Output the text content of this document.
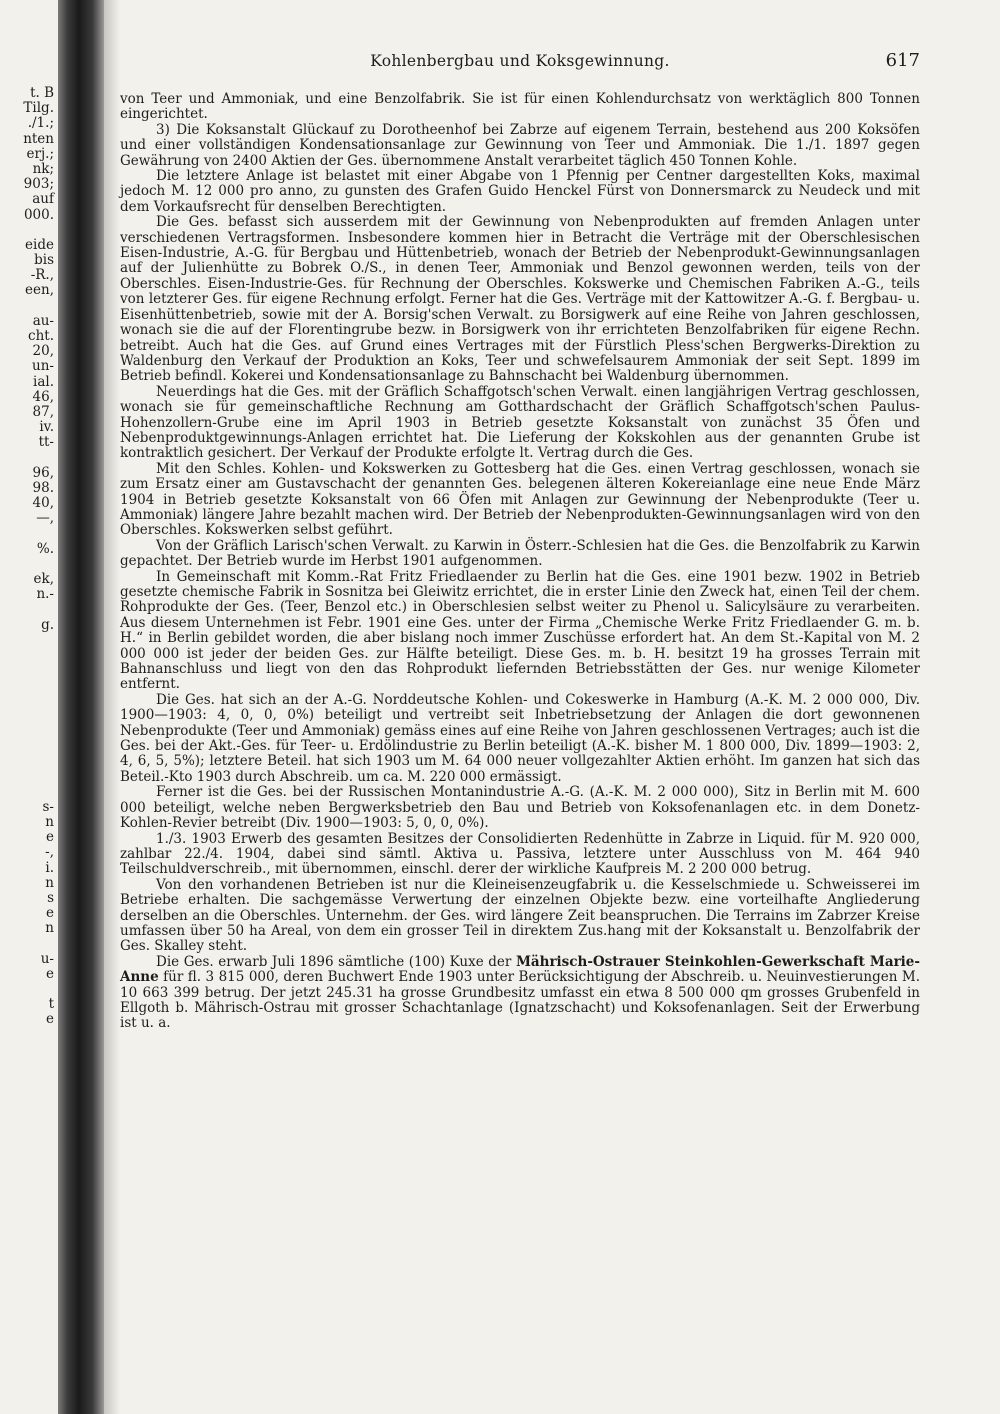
t. B
Tilg.
./1.;
nten
erj.;
nk;
903;
auf
000.
eide
bis
-R.,
een,
au-
cht.
20,
un-
ial.
46,
87,
iv.
tt-
96,
98.
40,
—,
%.
ek,
n.-
g.
s-
n
e
-,
i.
n
s
e
n
u-
e
t
e
Kohlenbergbau und Koksgewinnung.	617

von Teer und Ammoniak, und eine Benzolfabrik. Sie ist für einen Kohlendurchsatz von werktäglich 800 Tonnen eingerichtet.

3) Die Koksanstalt Glückauf zu Dorotheenhof bei Zabrze auf eigenem Terrain, bestehend aus 200 Koksöfen und einer vollständigen Kondensationsanlage zur Gewinnung von Teer und Ammoniak. Die 1./1. 1897 gegen Gewährung von 2400 Aktien der Ges. übernommene Anstalt verarbeitet täglich 450 Tonnen Kohle.

Die letztere Anlage ist belastet mit einer Abgabe von 1 Pfennig per Centner dargestellten Koks, maximal jedoch M. 12 000 pro anno, zu gunsten des Grafen Guido Henckel Fürst von Donnersmarck zu Neudeck und mit dem Vorkaufsrecht für denselben Berechtigten.

Die Ges. befasst sich ausserdem mit der Gewinnung von Nebenprodukten auf fremden Anlagen unter verschiedenen Vertragsformen. Insbesondere kommen hier in Betracht die Verträge mit der Oberschlesischen Eisen-Industrie, A.-G. für Bergbau und Hüttenbetrieb, wonach der Betrieb der Nebenprodukt-Gewinnungsanlagen auf der Julienhütte zu Bobrek O./S., in denen Teer, Ammoniak und Benzol gewonnen werden, teils von der Oberschles. Eisen-Industrie-Ges. für Rechnung der Oberschles. Kokswerke und Chemischen Fabriken A.-G., teils von letzterer Ges. für eigene Rechnung erfolgt. Ferner hat die Ges. Verträge mit der Kattowitzer A.-G. f. Bergbau- u. Eisenhüttenbetrieb, sowie mit der A. Borsig'schen Verwalt. zu Borsigwerk auf eine Reihe von Jahren geschlossen, wonach sie die auf der Florentingrube bezw. in Borsigwerk von ihr errichteten Benzolfabriken für eigene Rechn. betreibt. Auch hat die Ges. auf Grund eines Vertrages mit der Fürstlich Pless'schen Bergwerks-Direktion zu Waldenburg den Verkauf der Produktion an Koks, Teer und schwefelsaurem Ammoniak der seit Sept. 1899 im Betrieb befindl. Kokerei und Kondensationsanlage zu Bahnschacht bei Waldenburg übernommen.

Neuerdings hat die Ges. mit der Gräflich Schaffgotsch'schen Verwalt. einen langjährigen Vertrag geschlossen, wonach sie für gemeinschaftliche Rechnung am Gotthardschacht der Gräflich Schaffgotsch'schen Paulus-Hohenzollern-Grube eine im April 1903 in Betrieb gesetzte Koksanstalt von zunächst 35 Öfen und Nebenproduktgewinnungs-Anlagen errichtet hat. Die Lieferung der Kokskohlen aus der genannten Grube ist kontraktlich gesichert. Der Verkauf der Produkte erfolgte lt. Vertrag durch die Ges.

Mit den Schles. Kohlen- und Kokswerken zu Gottesberg hat die Ges. einen Vertrag geschlossen, wonach sie zum Ersatz einer am Gustavschacht der genannten Ges. belegenen älteren Kokereianlage eine neue Ende März 1904 in Betrieb gesetzte Koksanstalt von 66 Öfen mit Anlagen zur Gewinnung der Nebenprodukte (Teer u. Ammoniak) längere Jahre bezahlt machen wird. Der Betrieb der Nebenprodukten-Gewinnungsanlagen wird von den Oberschles. Kokswerken selbst geführt.

Von der Gräflich Larisch'schen Verwalt. zu Karwin in Österr.-Schlesien hat die Ges. die Benzolfabrik zu Karwin gepachtet. Der Betrieb wurde im Herbst 1901 aufgenommen.

In Gemeinschaft mit Komm.-Rat Fritz Friedlaender zu Berlin hat die Ges. eine 1901 bezw. 1902 in Betrieb gesetzte chemische Fabrik in Sosnitza bei Gleiwitz errichtet, die in erster Linie den Zweck hat, einen Teil der chem. Rohprodukte der Ges. (Teer, Benzol etc.) in Oberschlesien selbst weiter zu Phenol u. Salicylsäure zu verarbeiten. Aus diesem Unternehmen ist Febr. 1901 eine Ges. unter der Firma „Chemische Werke Fritz Friedlaender G. m. b. H.“ in Berlin gebildet worden, die aber bislang noch immer Zuschüsse erfordert hat. An dem St.-Kapital von M. 2 000 000 ist jeder der beiden Ges. zur Hälfte beteiligt. Diese Ges. m. b. H. besitzt 19 ha grosses Terrain mit Bahnanschluss und liegt von den das Rohprodukt liefernden Betriebsstätten der Ges. nur wenige Kilometer entfernt.

Die Ges. hat sich an der A.-G. Norddeutsche Kohlen- und Cokeswerke in Hamburg (A.-K. M. 2 000 000, Div. 1900—1903: 4, 0, 0, 0%) beteiligt und vertreibt seit Inbetriebsetzung der Anlagen die dort gewonnenen Nebenprodukte (Teer und Ammoniak) gemäss eines auf eine Reihe von Jahren geschlossenen Vertrages; auch ist die Ges. bei der Akt.-Ges. für Teer- u. Erdölindustrie zu Berlin beteiligt (A.-K. bisher M. 1 800 000, Div. 1899—1903: 2, 4, 6, 5, 5%); letztere Beteil. hat sich 1903 um M. 64 000 neuer vollgezahlter Aktien erhöht. Im ganzen hat sich das Beteil.-Kto 1903 durch Abschreib. um ca. M. 220 000 ermässigt.

Ferner ist die Ges. bei der Russischen Montanindustrie A.-G. (A.-K. M. 2 000 000), Sitz in Berlin mit M. 600 000 beteiligt, welche neben Bergwerksbetrieb den Bau und Betrieb von Koksofenanlagen etc. in dem Donetz-Kohlen-Revier betreibt (Div. 1900—1903: 5, 0, 0, 0%).

1./3. 1903 Erwerb des gesamten Besitzes der Consolidierten Redenhütte in Zabrze in Liquid. für M. 920 000, zahlbar 22./4. 1904, dabei sind sämtl. Aktiva u. Passiva, letztere unter Ausschluss von M. 464 940 Teilschuldverschreib., mit übernommen, einschl. derer der wirkliche Kaufpreis M. 2 200 000 betrug.

Von den vorhandenen Betrieben ist nur die Kleineisenzeugfabrik u. die Kesselschmiede u. Schweisserei im Betriebe erhalten. Die sachgemässe Verwertung der einzelnen Objekte bezw. eine vorteilhafte Angliederung derselben an die Oberschles. Unternehm. der Ges. wird längere Zeit beanspruchen. Die Terrains im Zabrzer Kreise umfassen über 50 ha Areal, von dem ein grosser Teil in direktem Zus.hang mit der Koksanstalt u. Benzolfabrik der Ges. Skalley steht.

Die Ges. erwarb Juli 1896 sämtliche (100) Kuxe der Mährisch-Ostrauer Steinkohlen-Gewerkschaft Marie-Anne für fl. 3 815 000, deren Buchwert Ende 1903 unter Berücksichtigung der Abschreib. u. Neuinvestierungen M. 10 663 399 betrug. Der jetzt 245.31 ha grosse Grundbesitz umfasst ein etwa 8 500 000 qm grosses Grubenfeld in Ellgoth b. Mährisch-Ostrau mit grosser Schachtanlage (Ignatzschacht) und Koksofenanlagen. Seit der Erwerbung ist u. a.
